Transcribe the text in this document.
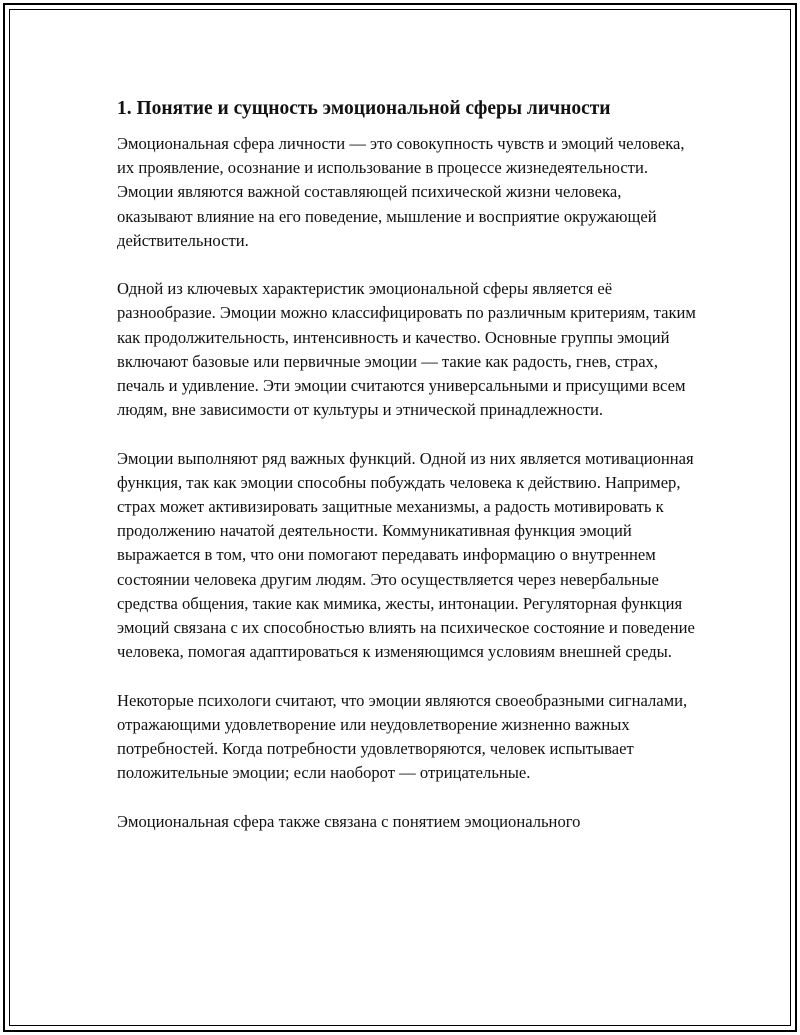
1. Понятие и сущность эмоциональной сферы личности

Эмоциональная сфера личности — это совокупность чувств и эмоций человека, их проявление, осознание и использование в процессе жизнедеятельности. Эмоции являются важной составляющей психической жизни человека, оказывают влияние на его поведение, мышление и восприятие окружающей действительности.

Одной из ключевых характеристик эмоциональной сферы является её разнообразие. Эмоции можно классифицировать по различным критериям, таким как продолжительность, интенсивность и качество. Основные группы эмоций включают базовые или первичные эмоции — такие как радость, гнев, страх, печаль и удивление. Эти эмоции считаются универсальными и присущими всем людям, вне зависимости от культуры и этнической принадлежности.

Эмоции выполняют ряд важных функций. Одной из них является мотивационная функция, так как эмоции способны побуждать человека к действию. Например, страх может активизировать защитные механизмы, а радость мотивировать к продолжению начатой деятельности. Коммуникативная функция эмоций выражается в том, что они помогают передавать информацию о внутреннем состоянии человека другим людям. Это осуществляется через невербальные средства общения, такие как мимика, жесты, интонации. Регуляторная функция эмоций связана с их способностью влиять на психическое состояние и поведение человека, помогая адаптироваться к изменяющимся условиям внешней среды.

Некоторые психологи считают, что эмоции являются своеобразными сигналами, отражающими удовлетворение или неудовлетворение жизненно важных потребностей. Когда потребности удовлетворяются, человек испытывает положительные эмоции; если наоборот — отрицательные.

Эмоциональная сфера также связана с понятием эмоционального
